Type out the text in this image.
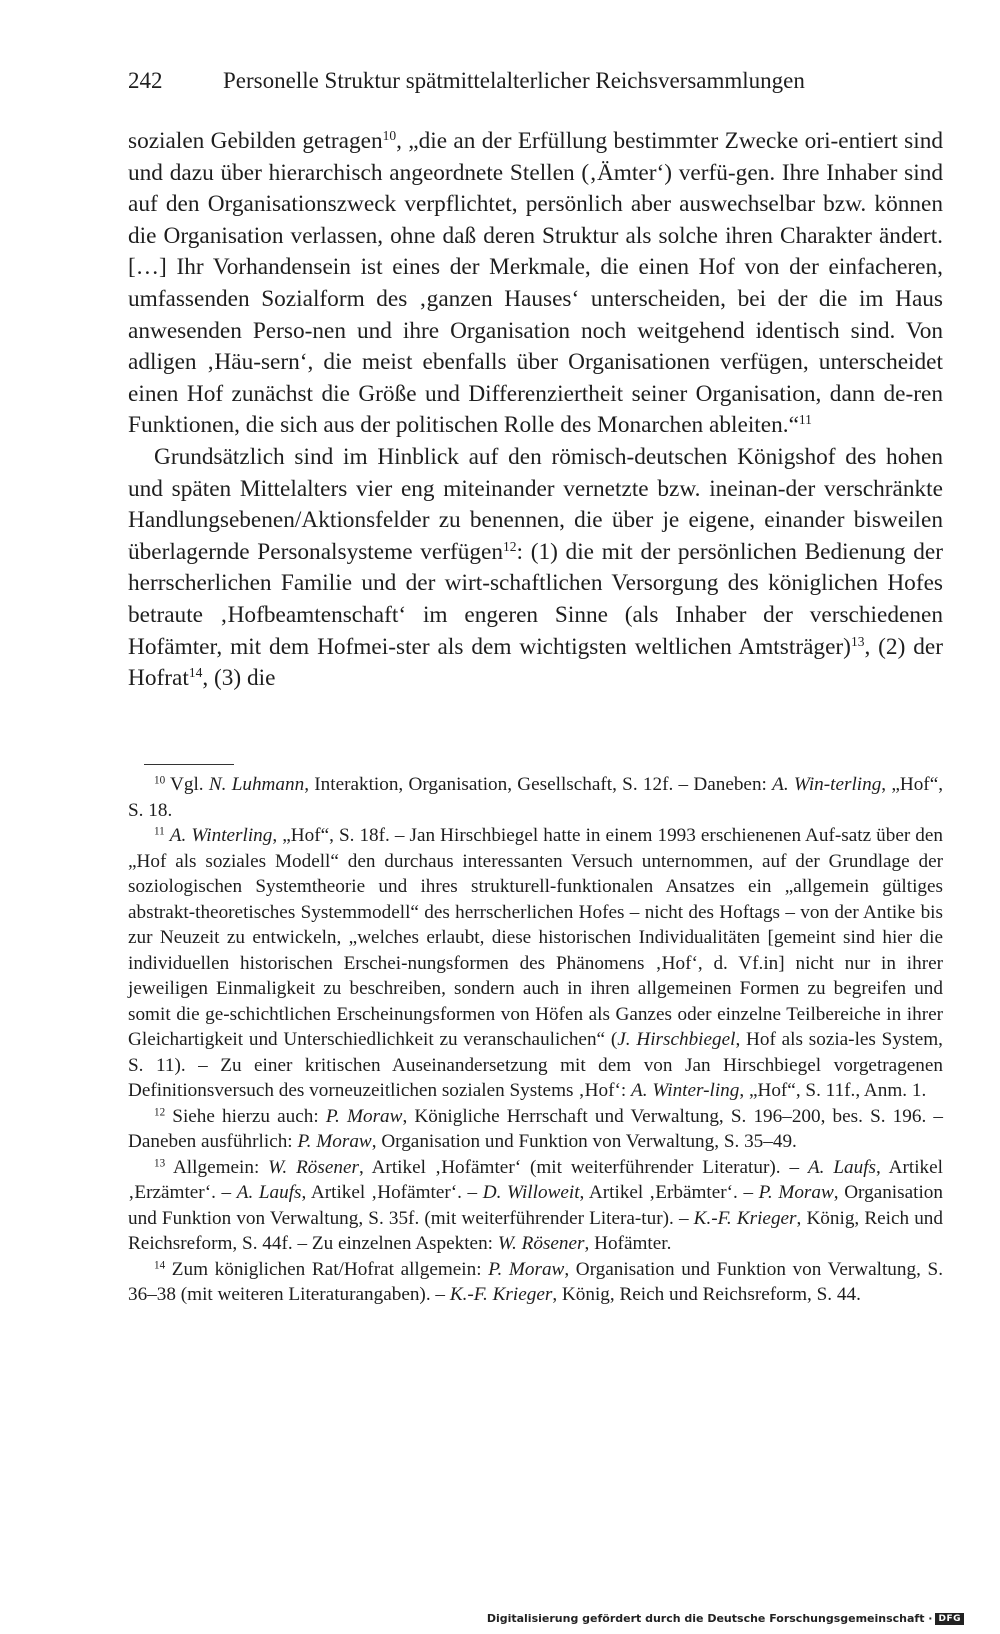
242	Personelle Struktur spätmittelalterlicher Reichsversammlungen

sozialen Gebilden getragen$^{10}$, „die an der Erfüllung bestimmter Zwecke ori-entiert sind und dazu über hierarchisch angeordnete Stellen (‚Ämter‘) verfü-gen. Ihre Inhaber sind auf den Organisationszweck verpflichtet, persönlich aber auswechselbar bzw. können die Organisation verlassen, ohne daß deren Struktur als solche ihren Charakter ändert. […] Ihr Vorhandensein ist eines der Merkmale, die einen Hof von der einfacheren, umfassenden Sozialform des ‚ganzen Hauses‘ unterscheiden, bei der die im Haus anwesenden Perso-nen und ihre Organisation noch weitgehend identisch sind. Von adligen ‚Häu-sern‘, die meist ebenfalls über Organisationen verfügen, unterscheidet einen Hof zunächst die Größe und Differenziertheit seiner Organisation, dann de-ren Funktionen, die sich aus der politischen Rolle des Monarchen ableiten.“$^{11}$

Grundsätzlich sind im Hinblick auf den römisch-deutschen Königshof des hohen und späten Mittelalters vier eng miteinander vernetzte bzw. ineinan-der verschränkte Handlungsebenen/Aktionsfelder zu benennen, die über je eigene, einander bisweilen überlagernde Personalsysteme verfügen$^{12}$: (1) die mit der persönlichen Bedienung der herrscherlichen Familie und der wirt-schaftlichen Versorgung des königlichen Hofes betraute ‚Hofbeamtenschaft‘ im engeren Sinne (als Inhaber der verschiedenen Hofämter, mit dem Hofmei-ster als dem wichtigsten weltlichen Amtsträger)$^{13}$, (2) der Hofrat$^{14}$, (3) die

$^{10}$ Vgl. N. Luhmann, Interaktion, Organisation, Gesellschaft, S. 12f. – Daneben: A. Win-terling, „Hof“, S. 18.

$^{11}$ A. Winterling, „Hof“, S. 18f. – Jan Hirschbiegel hatte in einem 1993 erschienenen Auf-satz über den „Hof als soziales Modell“ den durchaus interessanten Versuch unternommen, auf der Grundlage der soziologischen Systemtheorie und ihres strukturell-funktionalen Ansatzes ein „allgemein gültiges abstrakt-theoretisches Systemmodell“ des herrscherlichen Hofes – nicht des Hoftags – von der Antike bis zur Neuzeit zu entwickeln, „welches erlaubt, diese historischen Individualitäten [gemeint sind hier die individuellen historischen Erschei-nungsformen des Phänomens ‚Hof‘, d. Vf.in] nicht nur in ihrer jeweiligen Einmaligkeit zu beschreiben, sondern auch in ihren allgemeinen Formen zu begreifen und somit die ge-schichtlichen Erscheinungsformen von Höfen als Ganzes oder einzelne Teilbereiche in ihrer Gleichartigkeit und Unterschiedlichkeit zu veranschaulichen“ (J. Hirschbiegel, Hof als sozia-les System, S. 11). – Zu einer kritischen Auseinandersetzung mit dem von Jan Hirschbiegel vorgetragenen Definitionsversuch des vorneuzeitlichen sozialen Systems ‚Hof‘: A. Winter-ling, „Hof“, S. 11f., Anm. 1.

$^{12}$ Siehe hierzu auch: P. Moraw, Königliche Herrschaft und Verwaltung, S. 196–200, bes. S. 196. – Daneben ausführlich: P. Moraw, Organisation und Funktion von Verwaltung, S. 35–49.

$^{13}$ Allgemein: W. Rösener, Artikel ‚Hofämter‘ (mit weiterführender Literatur). – A. Laufs, Artikel ‚Erzämter‘. – A. Laufs, Artikel ‚Hofämter‘. – D. Willoweit, Artikel ‚Erbämter‘. – P. Moraw, Organisation und Funktion von Verwaltung, S. 35f. (mit weiterführender Litera-tur). – K.-F. Krieger, König, Reich und Reichsreform, S. 44f. – Zu einzelnen Aspekten: W. Rösener, Hofämter.

$^{14}$ Zum königlichen Rat/Hofrat allgemein: P. Moraw, Organisation und Funktion von Verwaltung, S. 36–38 (mit weiteren Literaturangaben). – K.-F. Krieger, König, Reich und Reichsreform, S. 44.

Digitalisierung gefördert durch die Deutsche Forschungsgemeinschaft · DFG
